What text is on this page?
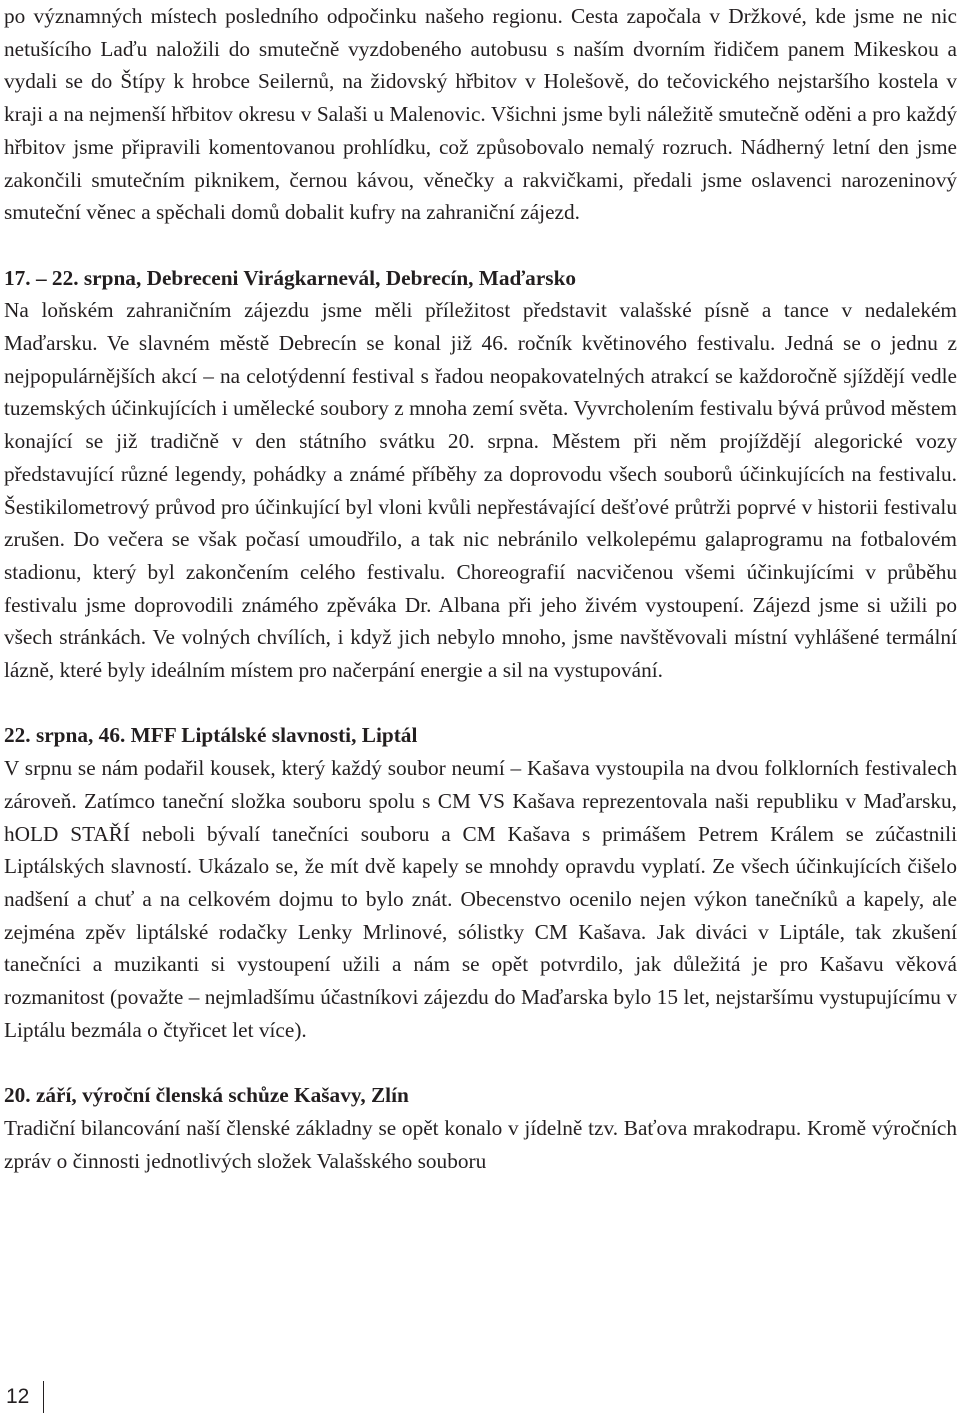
po významných místech posledního odpočinku našeho regionu. Cesta započala v Držkové, kde jsme ne nic netušícího Laďu naložili do smutečně vyzdobeného autobusu s naším dvorním řidičem panem Mikeskou a vydali se do Štípy k hrobce Seilernů, na židovský hřbitov v Holešově, do tečovického nejstaršího kostela v kraji a na nejmenší hřbitov okresu v Salaši u Malenovic. Všichni jsme byli náležitě smutečně oděni a pro každý hřbitov jsme připravili komentovanou prohlídku, což způsobovalo nemalý rozruch. Nádherný letní den jsme zakončili smutečním piknikem, černou kávou, věnečky a rakvičkami, předali jsme oslavenci narozeninový smuteční věnec a spěchali domů dobalit kufry na zahraniční zájezd.

17. – 22. srpna, Debreceni Virágkarnevál, Debrecín, Maďarsko

Na loňském zahraničním zájezdu jsme měli příležitost představit valašské písně a tance v nedalekém Maďarsku. Ve slavném městě Debrecín se konal již 46. ročník květinového festivalu. Jedná se o jednu z nejpopulárnějších akcí – na celotýdenní festival s řadou neopakovatelných atrakcí se každoročně sjíždějí vedle tuzemských účinkujících i umělecké soubory z mnoha zemí světa. Vyvrcholením festivalu bývá průvod městem konající se již tradičně v den státního svátku 20. srpna. Městem při něm projíždějí alegorické vozy představující různé legendy, pohádky a známé příběhy za doprovodu všech souborů účinkujících na festivalu. Šestikilometrový průvod pro účinkující byl vloni kvůli nepřestávající dešťové průtrži poprvé v historii festivalu zrušen. Do večera se však počasí umoudřilo, a tak nic nebránilo velkolepému galaprogramu na fotbalovém stadionu, který byl zakončením celého festivalu. Choreografií nacvičenou všemi účinkujícími v průběhu festivalu jsme doprovodili známého zpěváka Dr. Albana při jeho živém vystoupení. Zájezd jsme si užili po všech stránkách. Ve volných chvílích, i když jich nebylo mnoho, jsme navštěvovali místní vyhlášené termální lázně, které byly ideálním místem pro načerpání energie a sil na vystupování.

22. srpna, 46. MFF Liptálské slavnosti, Liptál

V srpnu se nám podařil kousek, který každý soubor neumí – Kašava vystoupila na dvou folklorních festivalech zároveň. Zatímco taneční složka souboru spolu s CM VS Kašava reprezentovala naši republiku v Maďarsku, hOLD STAŘÍ neboli bývalí tanečníci souboru a CM Kašava s primášem Petrem Králem se zúčastnili Liptálských slavností. Ukázalo se, že mít dvě kapely se mnohdy opravdu vyplatí. Ze všech účinkujících čišelo nadšení a chuť a na celkovém dojmu to bylo znát. Obecenstvo ocenilo nejen výkon tanečníků a kapely, ale zejména zpěv liptálské rodačky Lenky Mrlinové, sólistky CM Kašava. Jak diváci v Liptále, tak zkušení tanečníci a muzikanti si vystoupení užili a nám se opět potvrdilo, jak důležitá je pro Kašavu věková rozmanitost (považte – nejmladšímu účastníkovi zájezdu do Maďarska bylo 15 let, nejstaršímu vystupujícímu v Liptálu bezmála o čtyřicet let více).

20. září, výroční členská schůze Kašavy, Zlín

Tradiční bilancování naší členské základny se opět konalo v jídelně tzv. Baťova mrakodrapu. Kromě výročních zpráv o činnosti jednotlivých složek Valašského souboru

12
